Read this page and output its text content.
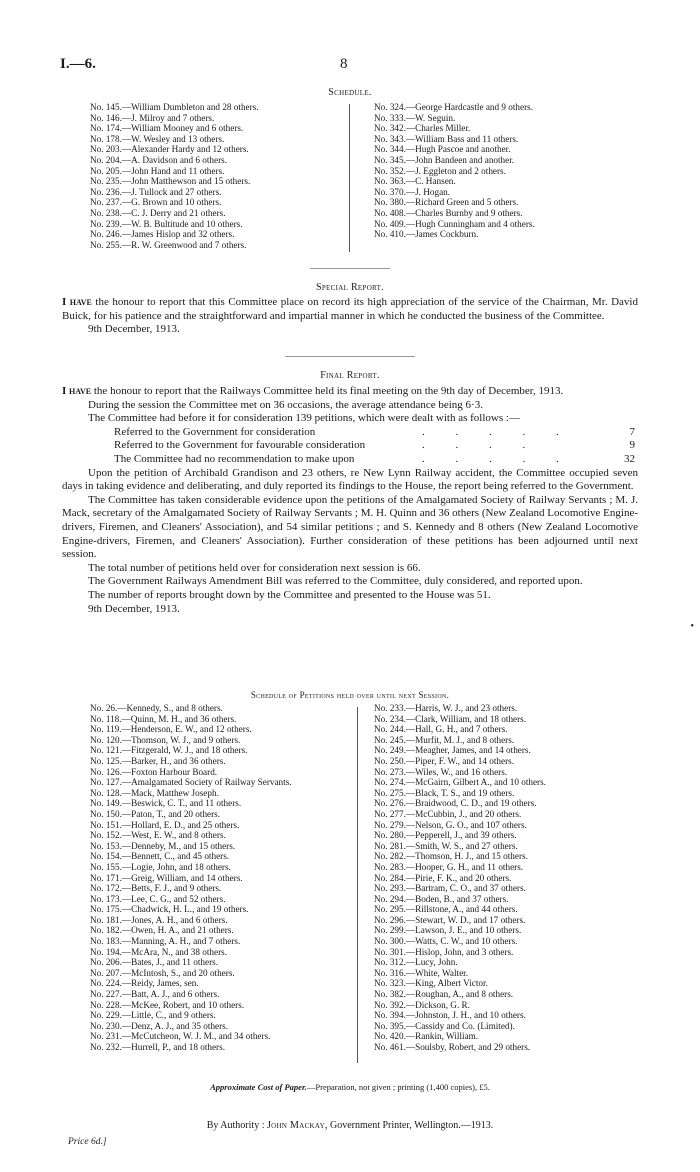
I.—6.	8
Schedule.
No. 145.—William Dumbleton and 28 others.
No. 146.—J. Milroy and 7 others.
No. 174.—William Mooney and 6 others.
No. 178.—W. Wesley and 13 others.
No. 203.—Alexander Hardy and 12 others.
No. 204.—A. Davidson and 6 others.
No. 205.—John Hand and 11 others.
No. 235.—John Matthewson and 15 others.
No. 236.—J. Tullock and 27 others.
No. 237.—G. Brown and 10 others.
No. 238.—C. J. Derry and 21 others.
No. 239.—W. B. Bultitude and 10 others.
No. 246.—James Hislop and 32 others.
No. 255.—R. W. Greenwood and 7 others.
No. 324.—George Hardcastle and 9 others.
No. 333.—W. Seguin.
No. 342.—Charles Miller.
No. 343.—William Bass and 11 others.
No. 344.—Hugh Pascoe and another.
No. 345.—John Bandeen and another.
No. 352.—J. Eggleton and 2 others.
No. 363.—C. Hansen.
No. 370.—J. Hogan.
No. 380.—Richard Green and 5 others.
No. 408.—Charles Burnby and 9 others.
No. 409.—Hugh Cunningham and 4 others.
No. 410.—James Cockburn.
Special Report.

I have the honour to report that this Committee place on record its high appreciation of the service of the Chairman, Mr. David Buick, for his patience and the straightforward and impartial manner in which he conducted the business of the Committee.

9th December, 1913.

Final Report.

I have the honour to report that the Railways Committee held its final meeting on the 9th day of December, 1913.

During the session the Committee met on 36 occasions, the average attendance being 6·3.

The Committee had before it for consideration 139 petitions, which were dealt with as follows :—

Referred to the Government for consideration	. . . . .	7
Referred to the Government for favourable consideration	. . . .	9
The Committee had no recommendation to make upon	. . . . .	32

Upon the petition of Archibald Grandison and 23 others, re New Lynn Railway accident, the Committee occupied seven days in taking evidence and deliberating, and duly reported its findings to the House, the report being referred to the Government.

The Committee has taken considerable evidence upon the petitions of the Amalgamated Society of Railway Servants ; M. J. Mack, secretary of the Amalgamated Society of Railway Servants ; M. H. Quinn and 36 others (New Zealand Locomotive Engine-drivers, Firemen, and Cleaners' Association), and 54 similar petitions ; and S. Kennedy and 8 others (New Zealand Locomotive Engine-drivers, Firemen, and Cleaners' Association). Further consideration of these petitions has been adjourned until next session.

The total number of petitions held over for consideration next session is 66.

The Government Railways Amendment Bill was referred to the Committee, duly considered, and reported upon.

The number of reports brought down by the Committee and presented to the House was 51.

9th December, 1913.

•
Schedule of Petitions held over until next Session.
No. 26.—Kennedy, S., and 8 others.
No. 118.—Quinn, M. H., and 36 others.
No. 119.—Henderson, E. W., and 12 others.
No. 120.—Thomson, W. J., and 9 others.
No. 121.—Fitzgerald, W. J., and 18 others.
No. 125.—Barker, H., and 36 others.
No. 126.—Foxton Harbour Board.
No. 127.—Amalgamated Society of Railway Servants.
No. 128.—Mack, Matthew Joseph.
No. 149.—Beswick, C. T., and 11 others.
No. 150.—Paton, T., and 20 others.
No. 151.—Hollard, E. D., and 25 others.
No. 152.—West, E. W., and 8 others.
No. 153.—Denneby, M., and 15 others.
No. 154.—Bennett, C., and 45 others.
No. 155.—Logie, John, and 18 others.
No. 171.—Greig, William, and 14 others.
No. 172.—Betts, F. J., and 9 others.
No. 173.—Lee, C. G., and 52 others.
No. 175.—Chadwick, H. L., and 19 others.
No. 181.—Jones, A. H., and 6 others.
No. 182.—Owen, H. A., and 21 others.
No. 183.—Manning, A. H., and 7 others.
No. 194.—McAra, N., and 38 others.
No. 206.—Bates, J., and 11 others.
No. 207.—McIntosh, S., and 20 others.
No. 224.—Reidy, James, sen.
No. 227.—Batt, A. J., and 6 others.
No. 228.—McKee, Robert, and 10 others.
No. 229.—Little, C., and 9 others.
No. 230.—Denz, A. J., and 35 others.
No. 231.—McCutcheon, W. J. M., and 34 others.
No. 232.—Hurrell, P., and 18 others.
No. 233.—Harris, W. J., and 23 others.
No. 234.—Clark, William, and 18 others.
No. 244.—Hall, G. H., and 7 others.
No. 245.—Murfit, M. J., and 8 others.
No. 249.—Meagher, James, and 14 others.
No. 250.—Piper, F. W., and 14 others.
No. 273.—Wiles, W., and 16 others.
No. 274.—McGairn, Gilbert A., and 10 others.
No. 275.—Black, T. S., and 19 others.
No. 276.—Braidwood, C. D., and 19 others.
No. 277.—McCubbin, J., and 20 others.
No. 279.—Nelson, G. O., and 107 others.
No. 280.—Pepperell, J., and 39 others.
No. 281.—Smith, W. S., and 27 others.
No. 282.—Thomson, H. J., and 15 others.
No. 283.—Hooper, G. H., and 11 others.
No. 284.—Pirie, F. K., and 20 others.
No. 293.—Bartram, C. O., and 37 others.
No. 294.—Boden, B., and 37 others.
No. 295.—Rillstone, A., and 44 others.
No. 296.—Stewart, W. D., and 17 others.
No. 299.—Lawson, J. E., and 10 others.
No. 300.—Watts, C. W., and 10 others.
No. 301.—Hislop, John, and 3 others.
No. 312.—Lucy, John.
No. 316.—White, Walter.
No. 323.—King, Albert Victor.
No. 382.—Roughan, A., and 8 others.
No. 392.—Dickson, G. R.
No. 394.—Johnston, J. H., and 10 others.
No. 395.—Cassidy and Co. (Limited).
No. 420.—Rankin, William.
No. 461.—Soulsby, Robert, and 29 others.
Approximate Cost of Paper.—Preparation, not given ; printing (1,400 copies), £5.
By Authority : John Mackay, Government Printer, Wellington.—1913.
Price 6d.]
